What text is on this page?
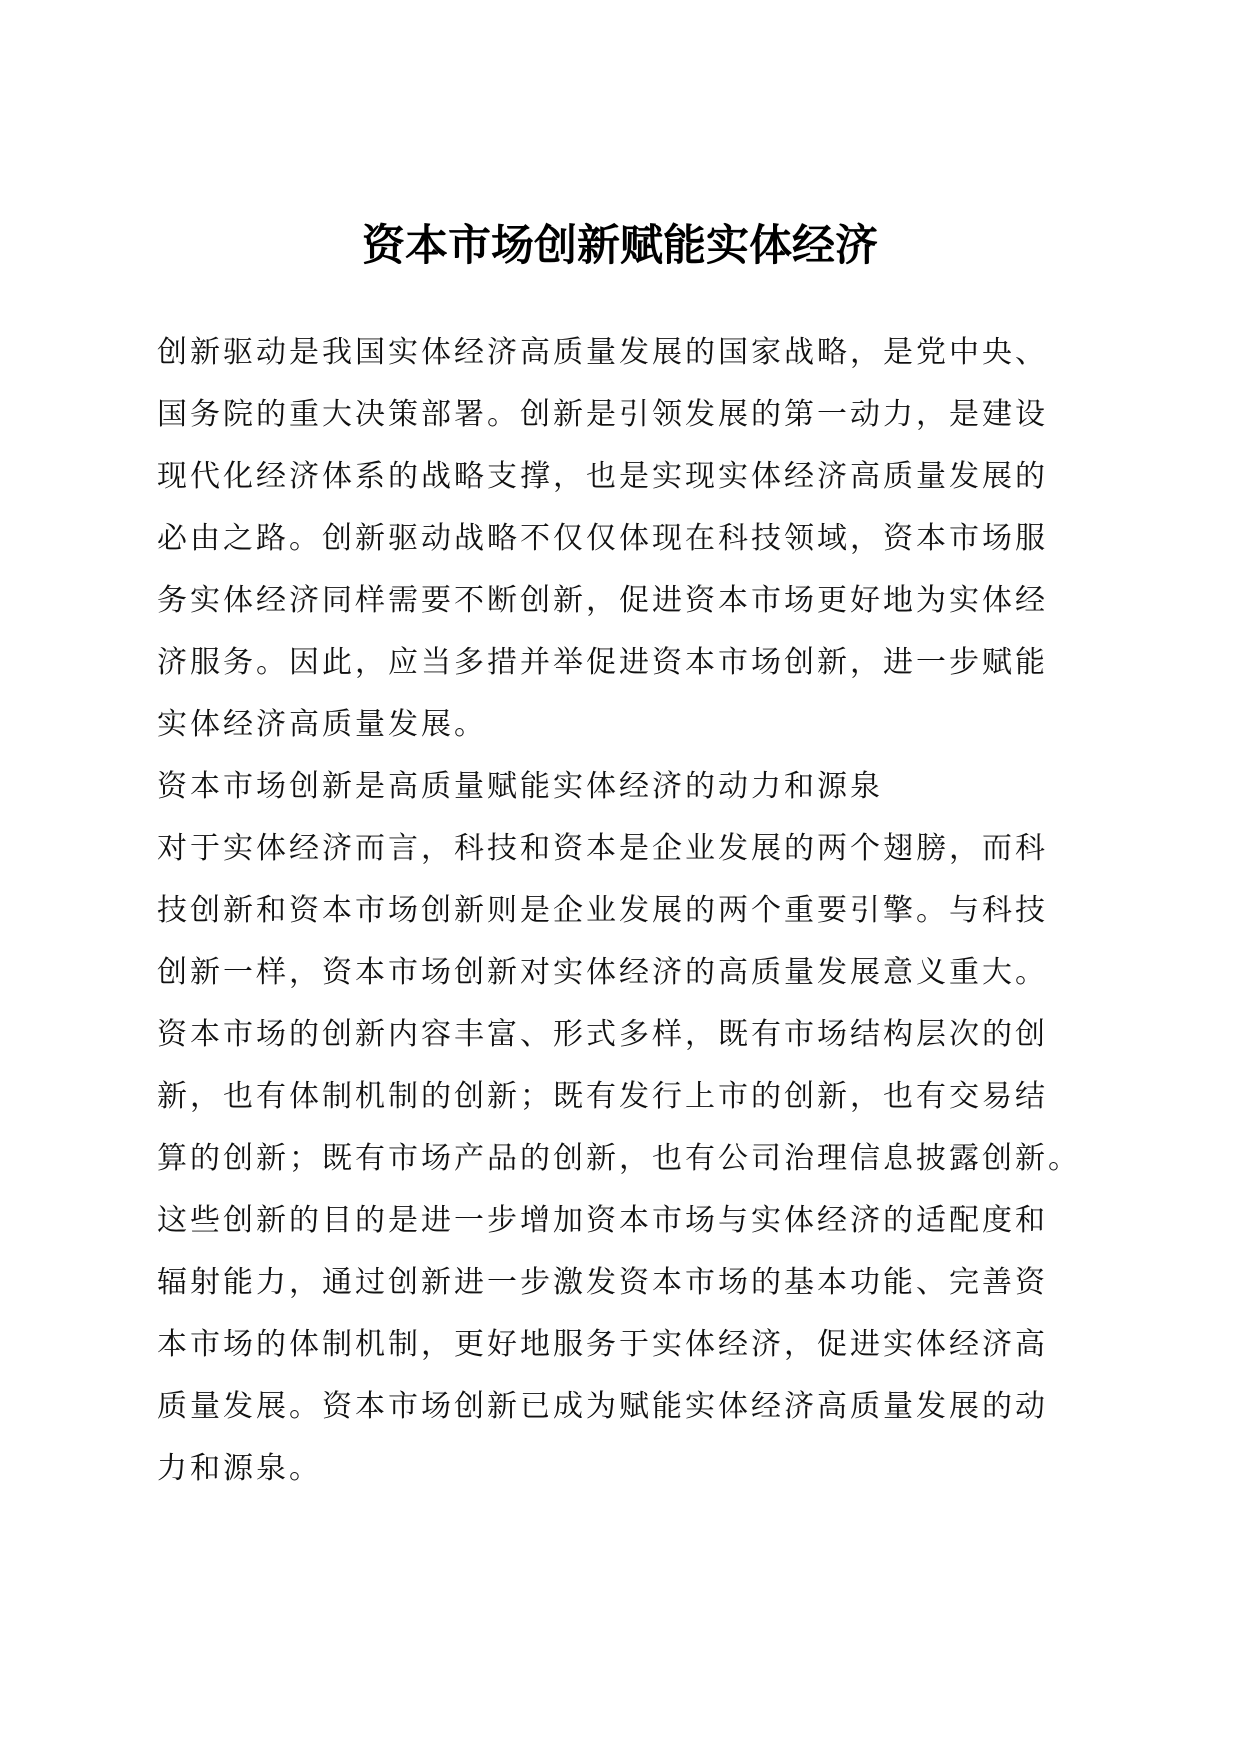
资本市场创新赋能实体经济
创新驱动是我国实体经济高质量发展的国家战略，是党中央、
国务院的重大决策部署。创新是引领发展的第一动力，是建设
现代化经济体系的战略支撑，也是实现实体经济高质量发展的
必由之路。创新驱动战略不仅仅体现在科技领域，资本市场服
务实体经济同样需要不断创新，促进资本市场更好地为实体经
济服务。因此，应当多措并举促进资本市场创新，进一步赋能
实体经济高质量发展。
资本市场创新是高质量赋能实体经济的动力和源泉
对于实体经济而言，科技和资本是企业发展的两个翅膀，而科
技创新和资本市场创新则是企业发展的两个重要引擎。与科技
创新一样，资本市场创新对实体经济的高质量发展意义重大。
资本市场的创新内容丰富、形式多样，既有市场结构层次的创
新，也有体制机制的创新；既有发行上市的创新，也有交易结
算的创新；既有市场产品的创新，也有公司治理信息披露创新。
这些创新的目的是进一步增加资本市场与实体经济的适配度和
辐射能力，通过创新进一步激发资本市场的基本功能、完善资
本市场的体制机制，更好地服务于实体经济，促进实体经济高
质量发展。资本市场创新已成为赋能实体经济高质量发展的动
力和源泉。
